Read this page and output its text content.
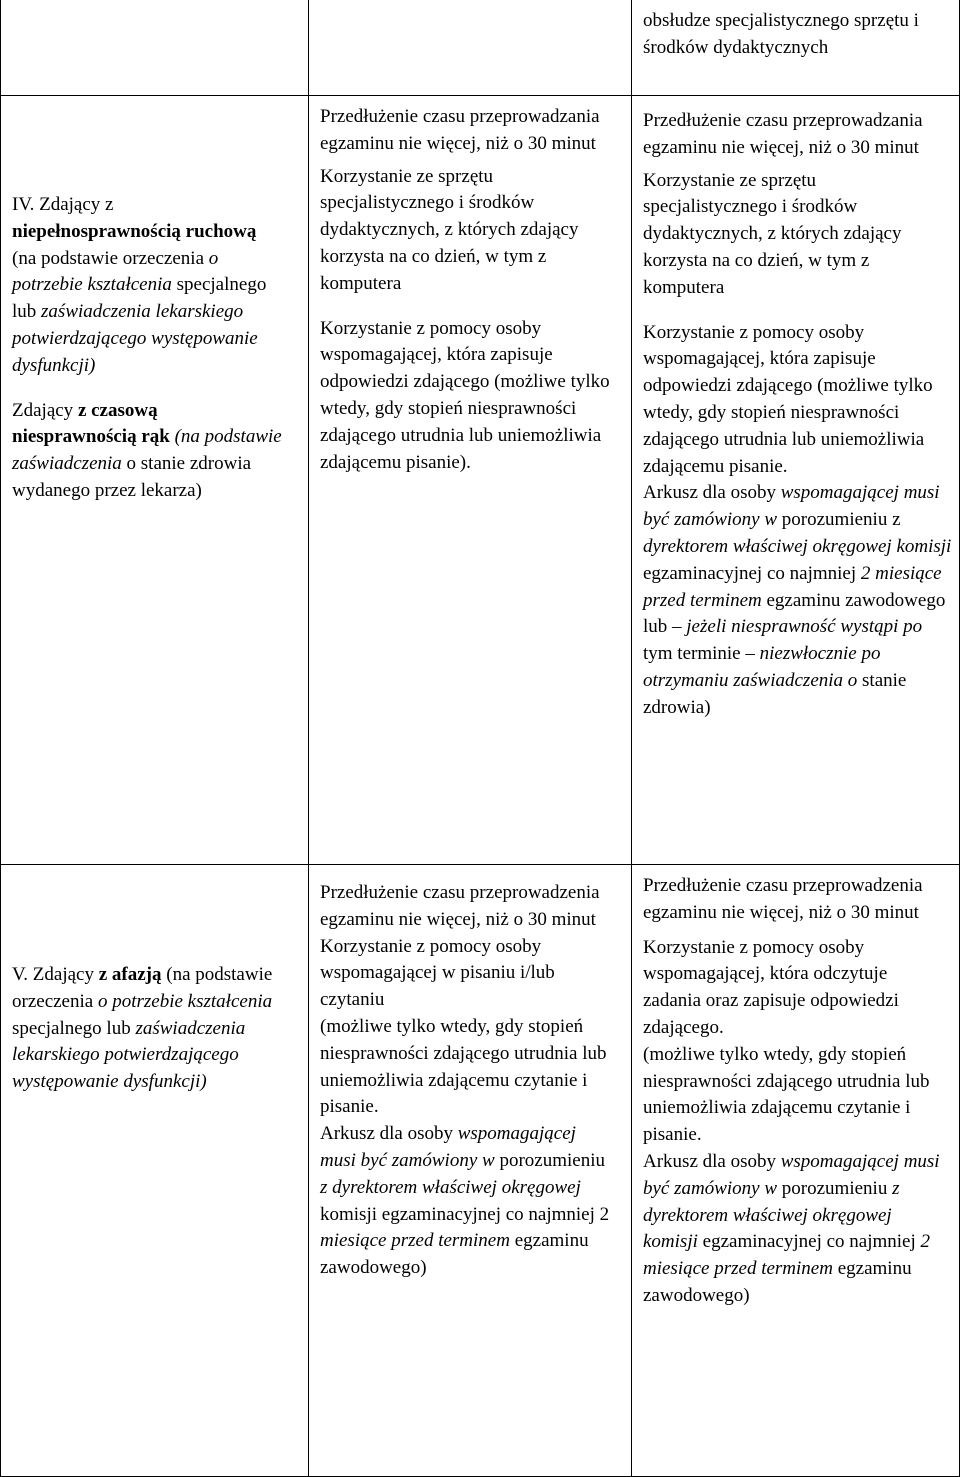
obsłudze specjalistycznego sprzętu i środków dydaktycznych

IV. Zdający z niepełnosprawnością ruchową (na podstawie orzeczenia o potrzebie kształcenia specjalnego lub zaświadczenia lekarskiego potwierdzającego występowanie dysfunkcji)

Zdający z czasową niesprawnością rąk (na podstawie zaświadczenia o stanie zdrowia wydanego przez lekarza)

Przedłużenie czasu przeprowadzania egzaminu nie więcej, niż o 30 minut

Korzystanie ze sprzętu specjalistycznego i środków dydaktycznych, z których zdający korzysta na co dzień, w tym z komputera

Korzystanie z pomocy osoby wspomagającej, która zapisuje odpowiedzi zdającego (możliwe tylko wtedy, gdy stopień niesprawności zdającego utrudnia lub uniemożliwia zdającemu pisanie).

Przedłużenie czasu przeprowadzania egzaminu nie więcej, niż o 30 minut

Korzystanie ze sprzętu specjalistycznego i środków dydaktycznych, z których zdający korzysta na co dzień, w tym z komputera

Korzystanie z pomocy osoby wspomagającej, która zapisuje odpowiedzi zdającego (możliwe tylko wtedy, gdy stopień niesprawności zdającego utrudnia lub uniemożliwia zdającemu pisanie.

Arkusz dla osoby wspomagającej musi być zamówiony w porozumieniu z dyrektorem właściwej okręgowej komisji egzaminacyjnej co najmniej 2 miesiące przed terminem egzaminu zawodowego lub – jeżeli niesprawność wystąpi po tym terminie – niezwłocznie po otrzymaniu zaświadczenia o stanie zdrowia)

V. Zdający z afazją (na podstawie orzeczenia o potrzebie kształcenia specjalnego lub zaświadczenia lekarskiego potwierdzającego występowanie dysfunkcji)

Przedłużenie czasu przeprowadzenia egzaminu nie więcej, niż o 30 minut

Korzystanie z pomocy osoby wspomagającej w pisaniu i/lub czytaniu

(możliwe tylko wtedy, gdy stopień niesprawności zdającego utrudnia lub uniemożliwia zdającemu czytanie i pisanie.

Arkusz dla osoby wspomagającej musi być zamówiony w porozumieniu z dyrektorem właściwej okręgowej komisji egzaminacyjnej co najmniej 2 miesiące przed terminem egzaminu zawodowego)

Przedłużenie czasu przeprowadzenia egzaminu nie więcej, niż o 30 minut

Korzystanie z pomocy osoby wspomagającej, która odczytuje zadania oraz zapisuje odpowiedzi zdającego.

(możliwe tylko wtedy, gdy stopień niesprawności zdającego utrudnia lub uniemożliwia zdającemu czytanie i pisanie.

Arkusz dla osoby wspomagającej musi być zamówiony w porozumieniu z dyrektorem właściwej okręgowej komisji egzaminacyjnej co najmniej 2 miesiące przed terminem egzaminu zawodowego)
